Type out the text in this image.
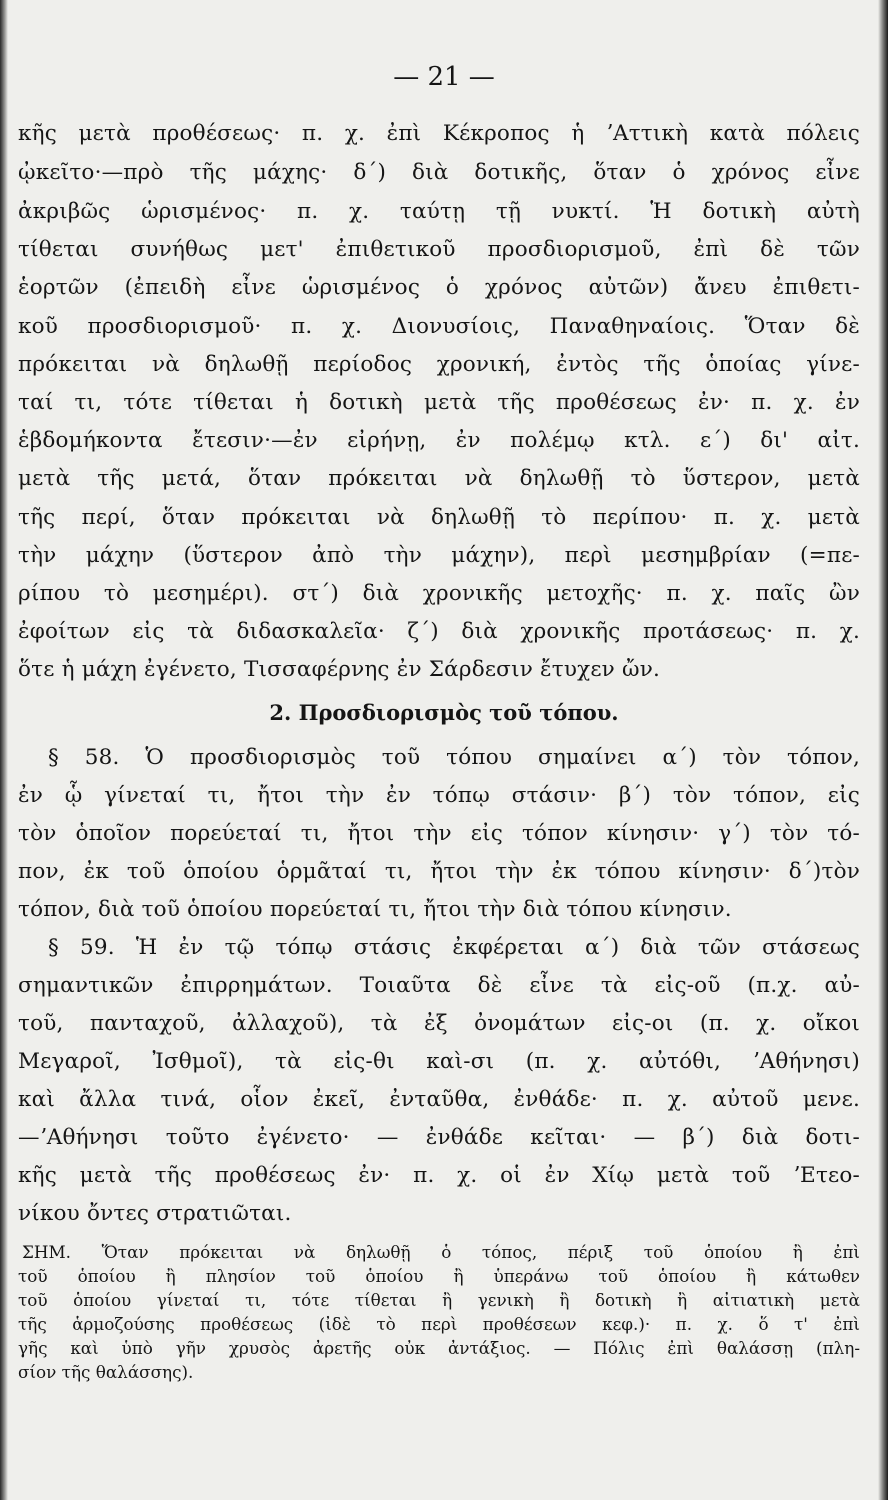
— 21 —
κῆς μετὰ προθέσεως· π. χ. ἐπὶ Κέκροπος ἡ ʼΑττικὴ κατὰ πόλεις
ᾠκεῖτο·—πρὸ τῆς μάχης· δ΄) διὰ δοτικῆς, ὅταν ὁ χρόνος εἶνε
ἀκριβῶς ὡρισμένος· π. χ. ταύτῃ τῇ νυκτί. Ἡ δοτικὴ αὐτὴ
τίθεται συνήθως μετ' ἐπιθετικοῦ προσδιορισμοῦ, ἐπὶ δὲ τῶν
ἑορτῶν (ἐπειδὴ εἶνε ὡρισμένος ὁ χρόνος αὐτῶν) ἄνευ ἐπιθετι-
κοῦ προσδιορισμοῦ· π. χ. Διονυσίοις, Παναθηναίοις. Ὅταν δὲ
πρόκειται νὰ δηλωθῇ περίοδος χρονική, ἐντὸς τῆς ὁποίας γίνε-
ταί τι, τότε τίθεται ἡ δοτικὴ μετὰ τῆς προθέσεως ἐν· π. χ. ἐν
ἑβδομήκοντα ἔτεσιν·—ἐν εἰρήνῃ, ἐν πολέμῳ κτλ. ε΄) δι' αἰτ.
μετὰ τῆς μετά, ὅταν πρόκειται νὰ δηλωθῇ τὸ ὕστερον, μετὰ
τῆς περί, ὅταν πρόκειται νὰ δηλωθῇ τὸ περίπου· π. χ. μετὰ
τὴν μάχην (ὕστερον ἀπὸ τὴν μάχην), περὶ μεσημβρίαν (=πε-
ρίπου τὸ μεσημέρι). στ΄) διὰ χρονικῆς μετοχῆς· π. χ. παῖς ὢν
ἐφοίτων εἰς τὰ διδασκαλεῖα· ζ΄) διὰ χρονικῆς προτάσεως· π. χ.
ὅτε ἡ μάχη ἐγένετο, Τισσαφέρνης ἐν Σάρδεσιν ἔτυχεν ὤν.
2. Προσδιορισμὸς τοῦ τόπου.
§ 58. Ὁ προσδιορισμὸς τοῦ τόπου σημαίνει α΄) τὸν τόπον,
ἐν ᾧ γίνεταί τι, ἤτοι τὴν ἐν τόπῳ στάσιν· β΄) τὸν τόπον, εἰς
τὸν ὁποῖον πορεύεταί τι, ἤτοι τὴν εἰς τόπον κίνησιν· γ΄) τὸν τό-
πον, ἐκ τοῦ ὁποίου ὁρμᾶταί τι, ἤτοι τὴν ἐκ τόπου κίνησιν· δ΄)τὸν
τόπον, διὰ τοῦ ὁποίου πορεύεταί τι, ἤτοι τὴν διὰ τόπου κίνησιν.
§ 59. Ἡ ἐν τῷ τόπῳ στάσις ἐκφέρεται α΄) διὰ τῶν στάσεως
σημαντικῶν ἐπιρρημάτων. Τοιαῦτα δὲ εἶνε τὰ εἰς-οῦ (π.χ. αὐ-
τοῦ, πανταχοῦ, ἀλλαχοῦ), τὰ ἐξ ὀνομάτων εἰς-οι (π. χ. οἴκοι
Μεγαροῖ, Ἰσθμοῖ), τὰ εἰς-θι καὶ-σι (π. χ. αὐτόθι, ʼΑθήνησι)
καὶ ἄλλα τινά, οἷον ἐκεῖ, ἐνταῦθα, ἐνθάδε· π. χ. αὐτοῦ μενε.
—ʼΑθήνησι τοῦτο ἐγένετο· — ἐνθάδε κεῖται· — β΄) διὰ δοτι-
κῆς μετὰ τῆς προθέσεως ἐν· π. χ. οἱ ἐν Χίῳ μετὰ τοῦ ʼΕτεο-
νίκου ὄντες στρατιῶται.
ΣΗΜ. Ὅταν πρόκειται νὰ δηλωθῇ ὁ τόπος, πέριξ τοῦ ὁποίου ἢ ἐπὶ
τοῦ ὁποίου ἢ πλησίον τοῦ ὁποίου ἢ ὑπεράνω τοῦ ὁποίου ἢ κάτωθεν
τοῦ ὁποίου γίνεταί τι, τότε τίθεται ἢ γενικὴ ἢ δοτικὴ ἢ αἰτιατικὴ μετὰ
τῆς ἁρμοζούσης προθέσεως (ἰδὲ τὸ περὶ προθέσεων κεφ.)· π. χ. ὅ τ' ἐπὶ
γῆς καὶ ὑπὸ γῆν χρυσὸς ἀρετῆς οὐκ ἀντάξιος. — Πόλις ἐπὶ θαλάσσῃ (πλη-
σίον τῆς θαλάσσης).
